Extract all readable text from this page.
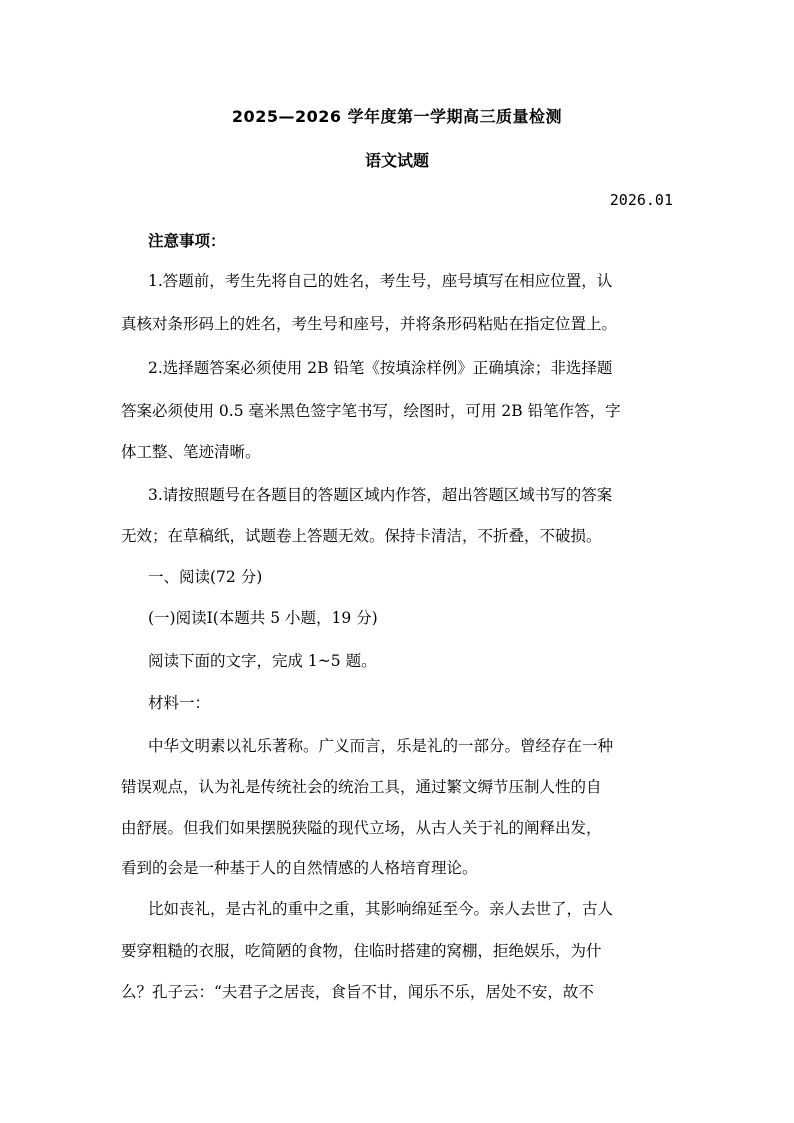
2025—2026 学年度第一学期高三质量检测
语文试题
2026.01
注意事项：
1.答题前，考生先将自己的姓名，考生号，座号填写在相应位置，认
真核对条形码上的姓名，考生号和座号，并将条形码粘贴在指定位置上。
2.选择题答案必须使用 2B 铅笔《按填涂样例》正确填涂；非选择题
答案必须使用 0.5 毫米黑色签字笔书写，绘图时，可用 2B 铅笔作答，字
体工整、笔迹清晰。
3.请按照题号在各题目的答题区域内作答，超出答题区域书写的答案
无效；在草稿纸，试题卷上答题无效。保持卡清洁，不折叠，不破损。
一、阅读(72 分)
(一)阅读Ⅰ(本题共 5 小题，19 分)
阅读下面的文字，完成 1~5 题。
材料一：
中华文明素以礼乐著称。广义而言，乐是礼的一部分。曾经存在一种
错误观点，认为礼是传统社会的统治工具，通过繁文缛节压制人性的自
由舒展。但我们如果摆脱狭隘的现代立场，从古人关于礼的阐释出发，
看到的会是一种基于人的自然情感的人格培育理论。
比如丧礼，是古礼的重中之重，其影响绵延至今。亲人去世了，古人
要穿粗糙的衣服，吃简陋的食物，住临时搭建的窝棚，拒绝娱乐，为什
么？孔子云：“夫君子之居丧，食旨不甘，闻乐不乐，居处不安，故不
